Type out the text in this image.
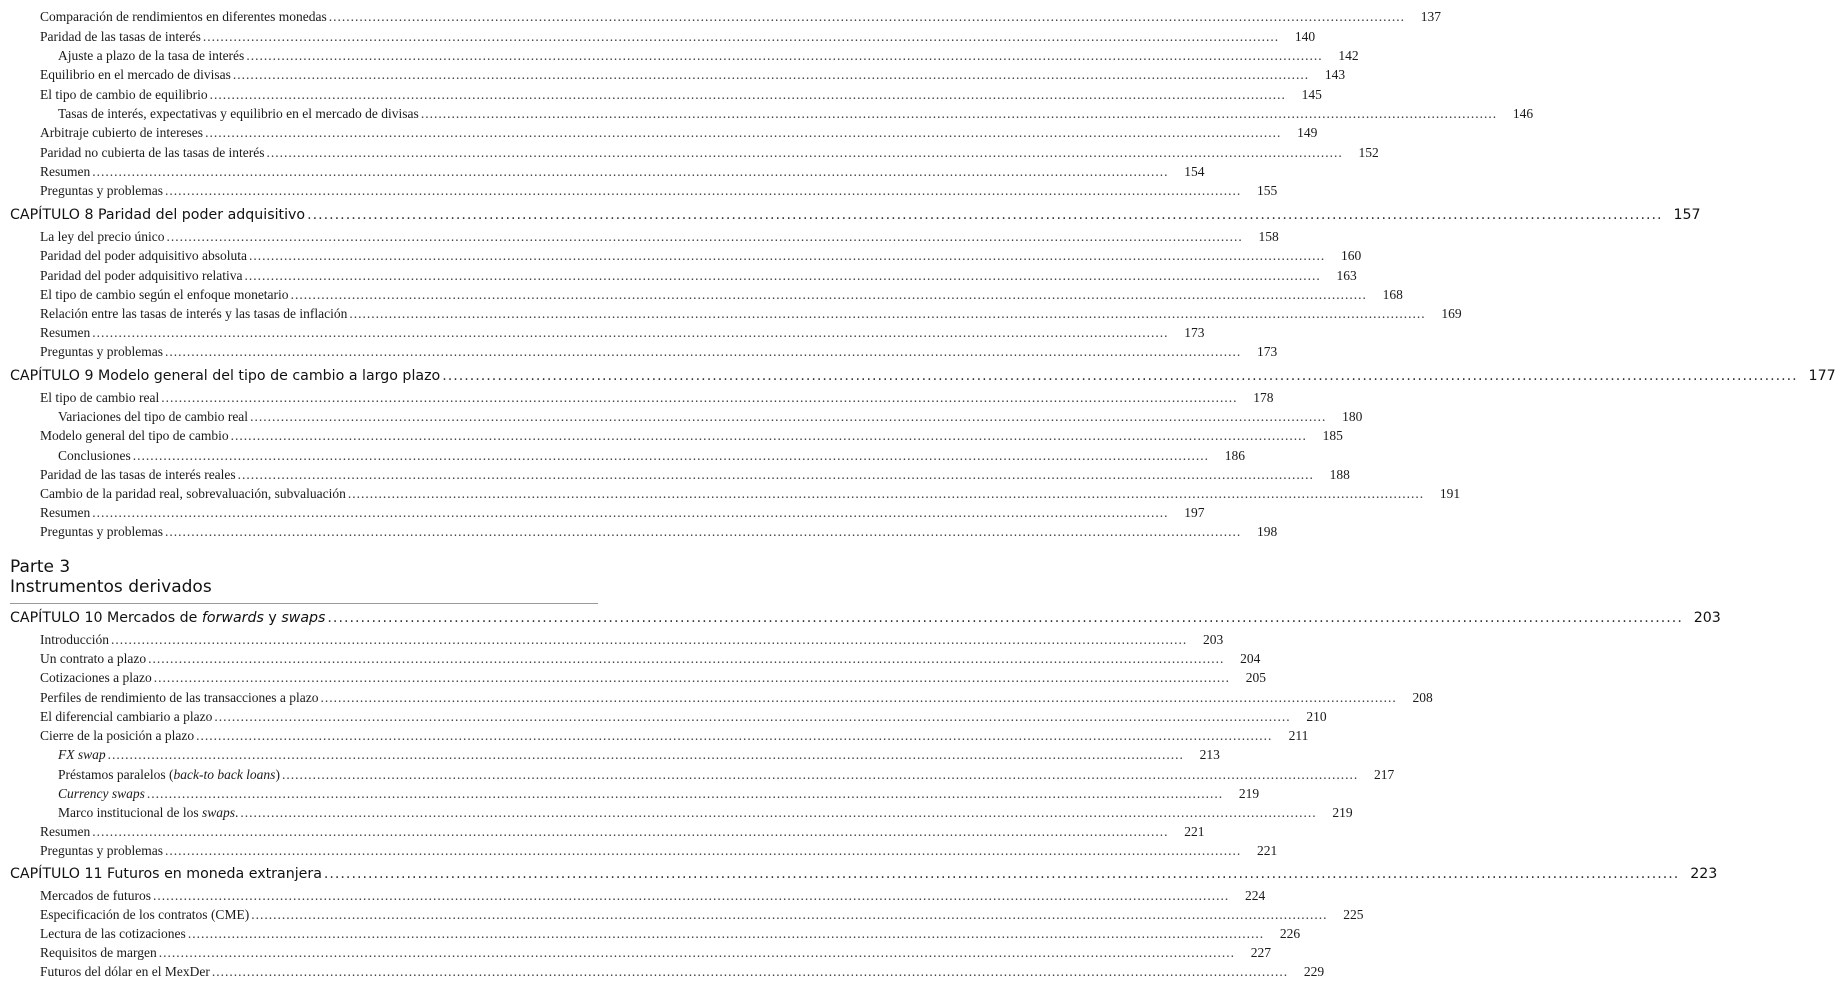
Comparación de rendimientos en diferentes monedas .....	137
Paridad de las tasas de interés .....	140
Ajuste a plazo de la tasa de interés .....	142
Equilibrio en el mercado de divisas .....	143
El tipo de cambio de equilibrio .....	145
Tasas de interés, expectativas y equilibrio en el mercado de divisas .....	146
Arbitraje cubierto de intereses .....	149
Paridad no cubierta de las tasas de interés .....	152
Resumen .....	154
Preguntas y problemas .....	155
CAPÍTULO 8 Paridad del poder adquisitivo .....	157
La ley del precio único .....	158
Paridad del poder adquisitivo absoluta .....	160
Paridad del poder adquisitivo relativa .....	163
El tipo de cambio según el enfoque monetario .....	168
Relación entre las tasas de interés y las tasas de inflación .....	169
Resumen .....	173
Preguntas y problemas .....	173
CAPÍTULO 9 Modelo general del tipo de cambio a largo plazo .....	177
El tipo de cambio real .....	178
Variaciones del tipo de cambio real .....	180
Modelo general del tipo de cambio .....	185
Conclusiones .....	186
Paridad de las tasas de interés reales .....	188
Cambio de la paridad real, sobrevaluación, subvaluación .....	191
Resumen .....	197
Preguntas y problemas .....	198
Parte 3
Instrumentos derivados
CAPÍTULO 10 Mercados de forwards y swaps .....	203
Introducción .....	203
Un contrato a plazo .....	204
Cotizaciones a plazo .....	205
Perfiles de rendimiento de las transacciones a plazo .....	208
El diferencial cambiario a plazo .....	210
Cierre de la posición a plazo .....	211
FX swap .....	213
Préstamos paralelos (back-to back loans) .....	217
Currency swaps .....	219
Marco institucional de los swaps. .....	219
Resumen .....	221
Preguntas y problemas .....	221
CAPÍTULO 11 Futuros en moneda extranjera .....	223
Mercados de futuros .....	224
Especificación de los contratos (CME) .....	225
Lectura de las cotizaciones .....	226
Requisitos de margen .....	227
Futuros del dólar en el MexDer .....	229
